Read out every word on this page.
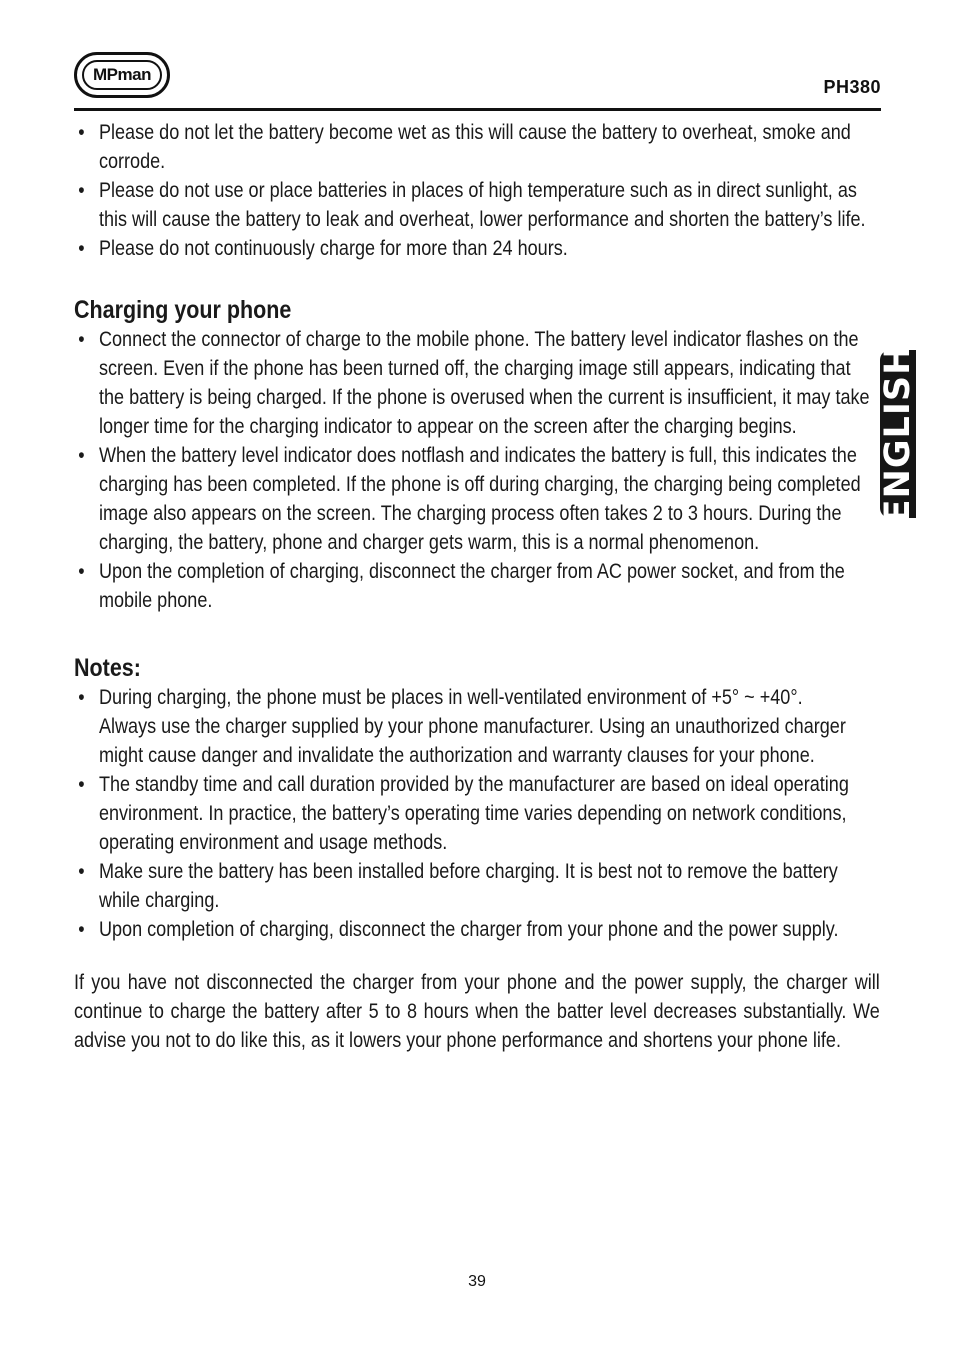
MPman
PH380
ENGLISH
• Please do not let the battery become wet as this will cause the battery to overheat, smoke and corrode.
• Please do not use or place batteries in places of high temperature such as in direct sunlight, as this will cause the battery to leak and overheat, lower performance and shorten the battery’s life.
• Please do not continuously charge for more than 24 hours.
Charging your phone
• Connect the connector of charge to the mobile phone. The battery level indicator flashes on the screen. Even if the phone has been turned off, the charging image still appears, indicating that the battery is being charged. If the phone is overused when the current is insufficient, it may take longer time for the charging indicator to appear on the screen after the charging begins.
• When the battery level indicator does notflash and indicates the battery is full, this indicates the charging has been completed. If the phone is off during charging, the charging being completed image also appears on the screen. The charging process often takes 2 to 3 hours. During the charging, the battery, phone and charger gets warm, this is a normal phenomenon.
• Upon the completion of charging, disconnect the charger from AC power socket, and from the mobile phone.
Notes:
• During charging, the phone must be places in well-ventilated environment of +5° ~ +40°.
Always use the charger supplied by your phone manufacturer. Using an unauthorized charger might cause danger and invalidate the authorization and warranty clauses for your phone.
• The standby time and call duration provided by the manufacturer are based on ideal operating environment. In practice, the battery’s operating time varies depending on network conditions, operating environment and usage methods.
• Make sure the battery has been installed before charging. It is best not to remove the battery while charging.
• Upon completion of charging, disconnect the charger from your phone and the power supply.

If you have not disconnected the charger from your phone and the power supply, the charger will continue to charge the battery after 5 to 8 hours when the batter level decreases substantially. We advise you not to do like this, as it lowers your phone performance and shortens your phone life.

39
